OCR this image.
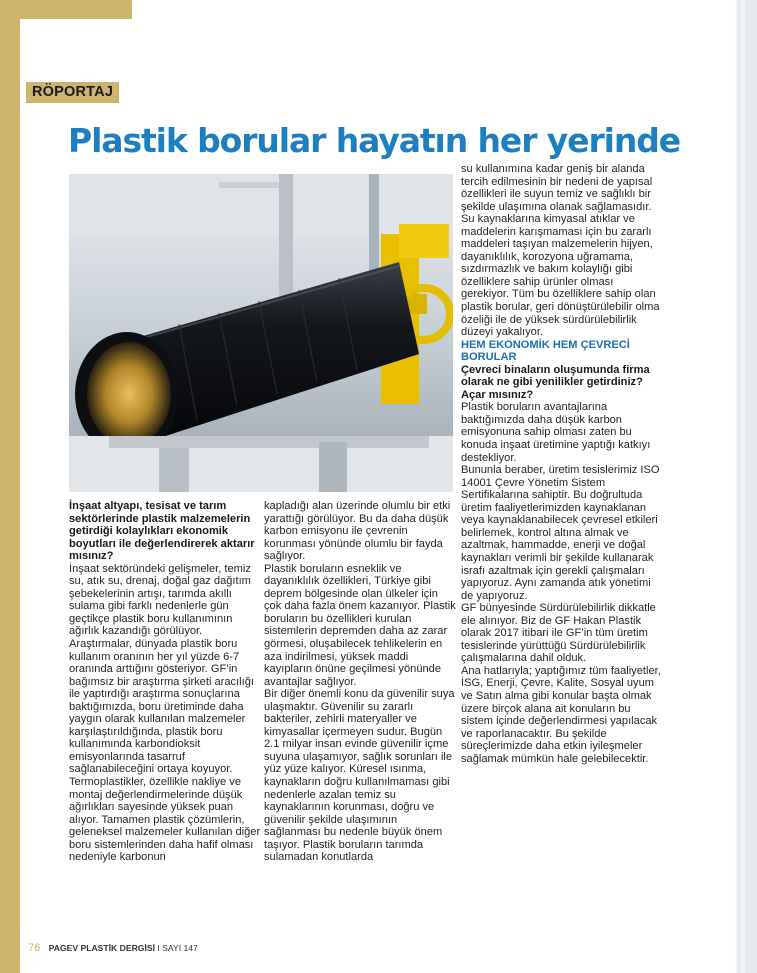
RÖPORTAJ
Plastik borular hayatın her yerinde

İnşaat altyapı, tesisat ve tarım sektörlerinde plastik malzemelerin getirdiği kolaylıkları ekonomik boyutları ile değerlendirerek aktarır mısınız?

İnşaat sektöründeki gelişmeler, temiz su, atık su, drenaj, doğal gaz dağıtım şebekelerinin artışı, tarımda akıllı sulama gibi farklı nedenlerle gün geçtikçe plastik boru kullanımının ağırlık kazandığı görülüyor. Araştırmalar, dünyada plastik boru kullanım oranının her yıl yüzde 6-7 oranında arttığını gösteriyor. GF’in bağımsız bir araştırma şirketi aracılığı ile yaptırdığı araştırma sonuçlarına baktığımızda, boru üretiminde daha yaygın olarak kullanılan malzemeler karşılaştırıldığında, plastik boru kullanımında karbondioksit emisyonlarında tasarruf sağlanabileceğini ortaya koyuyor.

Termoplastikler, özellikle nakliye ve montaj değerlendirmelerinde düşük ağırlıkları sayesinde yüksek puan alıyor. Tamamen plastik çözümlerin, geleneksel malzemeler kullanılan diğer boru sistemlerinden daha hafif olması nedeniyle karbonun

kapladığı alan üzerinde olumlu bir etki yarattığı görülüyor. Bu da daha düşük karbon emisyonu ile çevrenin korunması yönünde olumlu bir fayda sağlıyor.

Plastik boruların esneklik ve dayanıklılık özellikleri, Türkiye gibi deprem bölgesinde olan ülkeler için çok daha fazla önem kazanıyor. Plastik boruların bu özellikleri kurulan sistemlerin depremden daha az zarar görmesi, oluşabilecek tehlikelerin en aza indirilmesi, yüksek maddi kayıpların önüne geçilmesi yönünde avantajlar sağlıyor.

Bir diğer önemli konu da güvenilir suya ulaşmaktır. Güvenilir su zararlı bakteriler, zehirli materyaller ve kimyasallar içermeyen sudur. Bugün 2.1 milyar insan evinde güvenilir içme suyuna ulaşamıyor, sağlık sorunları ile yüz yüze kalıyor. Küresel ısınma, kaynakların doğru kullanılmaması gibi nedenlerle azalan temiz su kaynaklarının korunması, doğru ve güvenilir şekilde ulaşımının sağlanması bu nedenle büyük önem taşıyor. Plastik boruların tarımda sulamadan konutlarda

su kullanımına kadar geniş bir alanda tercih edilmesinin bir nedeni de yapısal özellikleri ile suyun temiz ve sağlıklı bir şekilde ulaşımına olanak sağlamasıdır. Su kaynaklarına kimyasal atıklar ve maddelerin karışmaması için bu zararlı maddeleri taşıyan malzemelerin hijyen, dayanıklılık, korozyona uğramama, sızdırmazlık ve bakım kolaylığı gibi özelliklere sahip ürünler olması gerekiyor. Tüm bu özelliklere sahip olan plastik borular, geri dönüştürülebilir olma özeliği ile de yüksek sürdürülebilirlik düzeyi yakalıyor.

HEM EKONOMİK HEM ÇEVRECİ BORULAR

Çevreci binaların oluşumunda firma olarak ne gibi yenilikler getirdiniz? Açar mısınız?

Plastik boruların avantajlarına baktığımızda daha düşük karbon emisyonuna sahip olması zaten bu konuda inşaat üretimine yaptığı katkıyı destekliyor.

Bununla beraber, üretim tesislerimiz ISO 14001 Çevre Yönetim Sistem Sertifikalarına sahiptir. Bu doğrultuda üretim faaliyetlerimizden kaynaklanan veya kaynaklanabilecek çevresel etkileri belirlemek, kontrol altına almak ve azaltmak, hammadde, enerji ve doğal kaynakları verimli bir şekilde kullanarak israfı azaltmak için gerekli çalışmaları yapıyoruz. Aynı zamanda atık yönetimi de yapıyoruz.

GF bünyesinde Sürdürülebilirlik dikkatle ele alınıyor. Biz de GF Hakan Plastik olarak 2017 itibari ile GF’in tüm üretim tesislerinde yürüttüğü Sürdürülebilirlik çalışmalarına dahil olduk.

Ana hatlarıyla; yaptığımız tüm faaliyetler, İSG, Enerji, Çevre, Kalite, Sosyal uyum ve Satın alma gibi konular başta olmak üzere birçok alana ait konuların bu sistem içinde değerlendirmesi yapılacak ve raporlanacaktır. Bu şekilde süreçlerimizde daha etkin iyileşmeler sağlamak mümkün hale gelebilecektir.

76 PAGEV PLASTİK DERGİSİ I SAYI 147
